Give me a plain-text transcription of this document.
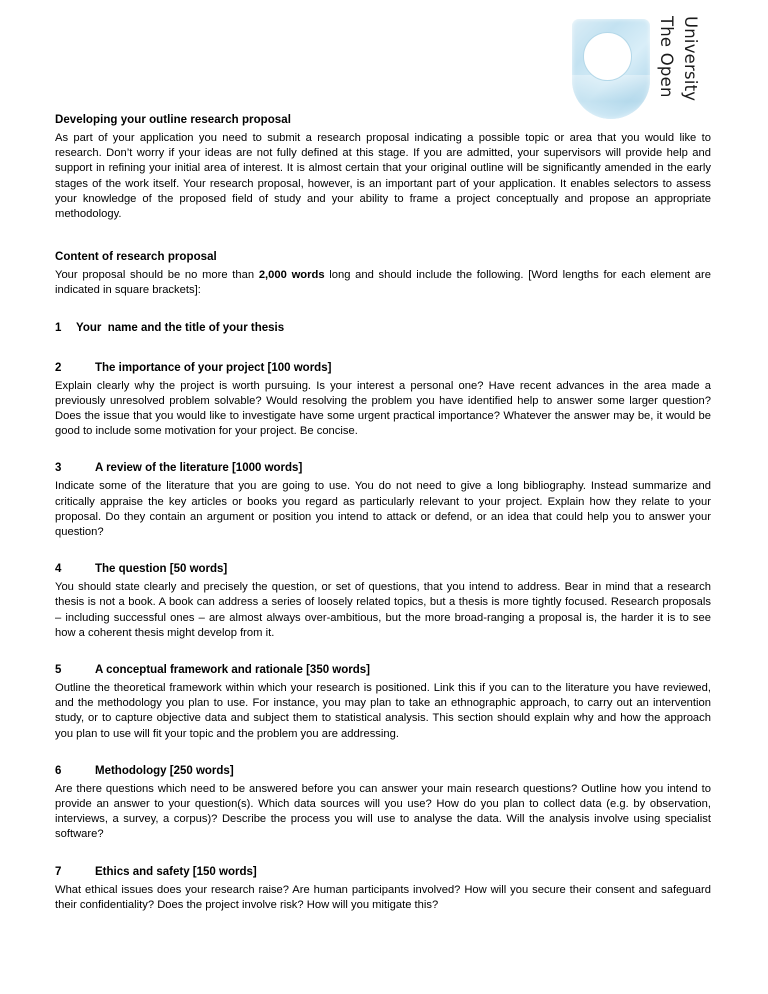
The Open University
Developing your outline research proposal

As part of your application you need to submit a research proposal indicating a possible topic or area that you would like to research. Don’t worry if your ideas are not fully defined at this stage. If you are admitted, your supervisors will provide help and support in refining your initial area of interest. It is almost certain that your original outline will be significantly amended in the early stages of the work itself. Your research proposal, however, is an important part of your application. It enables selectors to assess your knowledge of the proposed field of study and your ability to frame a project conceptually and propose an appropriate methodology.

Content of research proposal

Your proposal should be no more than 2,000 words long and should include the following. [Word lengths for each element are indicated in square brackets]:

1 Your  name and the title of your thesis
2	The importance of your project [100 words]

Explain clearly why the project is worth pursuing. Is your interest a personal one? Have recent advances in the area made a previously unresolved problem solvable? Would resolving the problem you have identified help to answer some larger question? Does the issue that you would like to investigate have some urgent practical importance? Whatever the answer may be, it would be good to include some motivation for your project. Be concise.

3	A review of the literature [1000 words]

Indicate some of the literature that you are going to use. You do not need to give a long bibliography. Instead summarize and critically appraise the key articles or books you regard as particularly relevant to your project. Explain how they relate to your proposal. Do they contain an argument or position you intend to attack or defend, or an idea that could help you to answer your question?

4	The question [50 words]

You should state clearly and precisely the question, or set of questions, that you intend to address. Bear in mind that a research thesis is not a book. A book can address a series of loosely related topics, but a thesis is more tightly focused. Research proposals – including successful ones – are almost always over-ambitious, but the more broad-ranging a proposal is, the harder it is to see how a coherent thesis might develop from it.

5	A conceptual framework and rationale [350 words]

Outline the theoretical framework within which your research is positioned. Link this if you can to the literature you have reviewed, and the methodology you plan to use. For instance, you may plan to take an ethnographic approach, to carry out an intervention study, or to capture objective data and subject them to statistical analysis. This section should explain why and how the approach you plan to use will fit your topic and the problem you are addressing.

6	Methodology [250 words]

Are there questions which need to be answered before you can answer your main research questions? Outline how you intend to provide an answer to your question(s). Which data sources will you use? How do you plan to collect data (e.g. by observation, interviews, a survey, a corpus)? Describe the process you will use to analyse the data. Will the analysis involve using specialist software?

7	Ethics and safety [150 words]

What ethical issues does your research raise? Are human participants involved? How will you secure their consent and safeguard their confidentiality? Does the project involve risk? How will you mitigate this?
